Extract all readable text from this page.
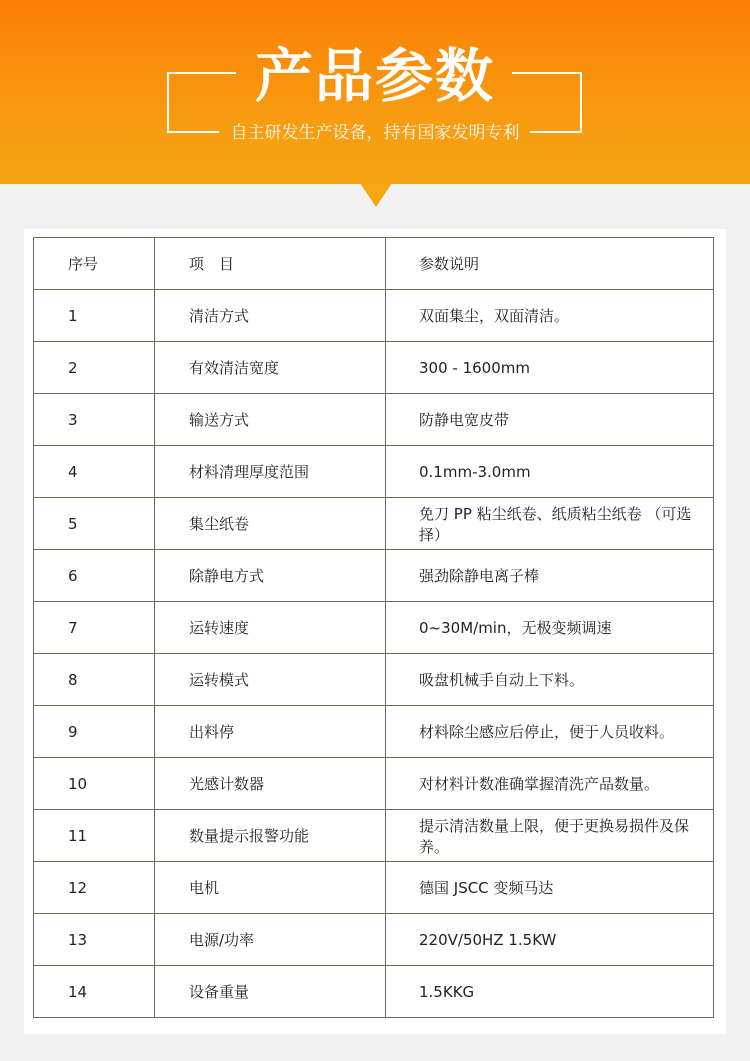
产品参数
自主研发生产设备，持有国家发明专利
序号	项　目	参数说明
1	清洁方式	双面集尘，双面清洁。
2	有效清洁宽度	300 - 1600mm
3	输送方式	防静电宽皮带
4	材料清理厚度范围	0.1mm-3.0mm
5	集尘纸卷	免刀 PP 粘尘纸卷、纸质粘尘纸卷 （可选择）
6	除静电方式	强劲除静电离子棒
7	运转速度	0~30M/min，无极变频调速
8	运转模式	吸盘机械手自动上下料。
9	出料停	材料除尘感应后停止，便于人员收料。
10	光感计数器	对材料计数准确掌握清洗产品数量。
11	数量提示报警功能	提示清洁数量上限，便于更换易损件及保养。
12	电机	德国 JSCC 变频马达
13	电源/功率	220V/50HZ 1.5KW
14	设备重量	1.5KKG
